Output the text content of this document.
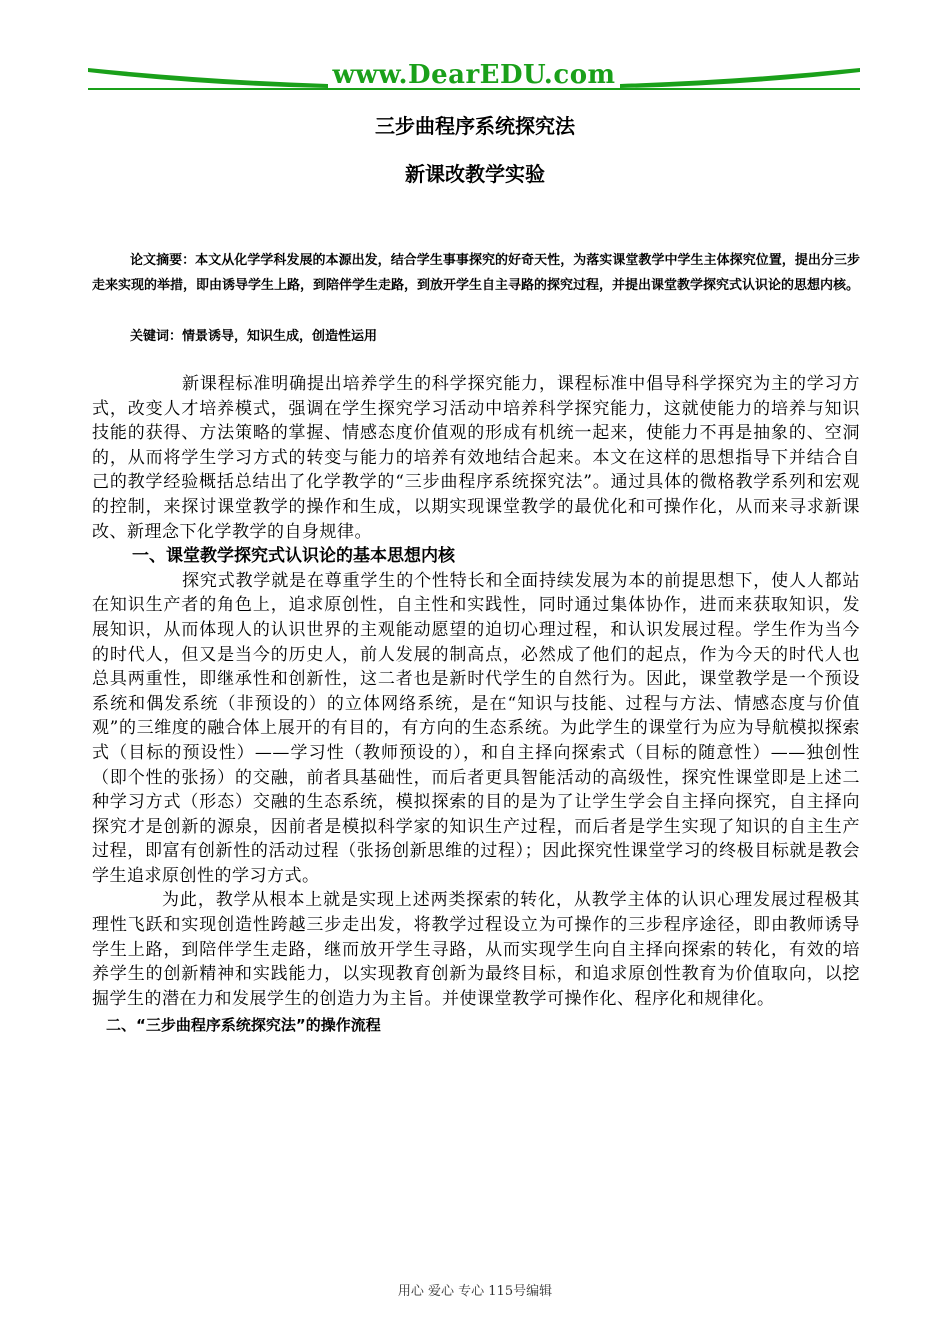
www.DearEDU.com
三步曲程序系统探究法
新课改教学实验

论文摘要：本文从化学学科发展的本源出发，结合学生事事探究的好奇天性，为落实课堂教学中学生主体探究位置，提出分三步走来实现的举措，即由诱导学生上路，到陪伴学生走路，到放开学生自主寻路的探究过程，并提出课堂教学探究式认识论的思想内核。

关键词：情景诱导，知识生成，创造性运用

新课程标准明确提出培养学生的科学探究能力，课程标准中倡导科学探究为主的学习方式，改变人才培养模式，强调在学生探究学习活动中培养科学探究能力，这就使能力的培养与知识技能的获得、方法策略的掌握、情感态度价值观的形成有机统一起来，使能力不再是抽象的、空洞的，从而将学生学习方式的转变与能力的培养有效地结合起来。本文在这样的思想指导下并结合自己的教学经验概括总结出了化学教学的“三步曲程序系统探究法”。通过具体的微格教学系列和宏观的控制，来探讨课堂教学的操作和生成，以期实现课堂教学的最优化和可操作化，从而来寻求新课改、新理念下化学教学的自身规律。

一、课堂教学探究式认识论的基本思想内核

探究式教学就是在尊重学生的个性特长和全面持续发展为本的前提思想下，使人人都站在知识生产者的角色上，追求原创性，自主性和实践性，同时通过集体协作，进而来获取知识，发展知识，从而体现人的认识世界的主观能动愿望的迫切心理过程，和认识发展过程。学生作为当今的时代人，但又是当今的历史人，前人发展的制高点，必然成了他们的起点，作为今天的时代人也总具两重性，即继承性和创新性，这二者也是新时代学生的自然行为。因此，课堂教学是一个预设系统和偶发系统（非预设的）的立体网络系统，是在“知识与技能、过程与方法、情感态度与价值观”的三维度的融合体上展开的有目的，有方向的生态系统。为此学生的课堂行为应为导航模拟探索式（目标的预设性）——学习性（教师预设的），和自主择向探索式（目标的随意性）——独创性（即个性的张扬）的交融，前者具基础性，而后者更具智能活动的高级性，探究性课堂即是上述二种学习方式（形态）交融的生态系统，模拟探索的目的是为了让学生学会自主择向探究，自主择向探究才是创新的源泉，因前者是模拟科学家的知识生产过程，而后者是学生实现了知识的自主生产过程，即富有创新性的活动过程（张扬创新思维的过程）；因此探究性课堂学习的终极目标就是教会学生追求原创性的学习方式。

为此，教学从根本上就是实现上述两类探索的转化，从教学主体的认识心理发展过程极其理性飞跃和实现创造性跨越三步走出发，将教学过程设立为可操作的三步程序途径，即由教师诱导学生上路，到陪伴学生走路，继而放开学生寻路，从而实现学生向自主择向探索的转化，有效的培养学生的创新精神和实践能力，以实现教育创新为最终目标，和追求原创性教育为价值取向，以挖掘学生的潜在力和发展学生的创造力为主旨。并使课堂教学可操作化、程序化和规律化。

二、“三步曲程序系统探究法”的操作流程

用心 爱心 专心 115号编辑
